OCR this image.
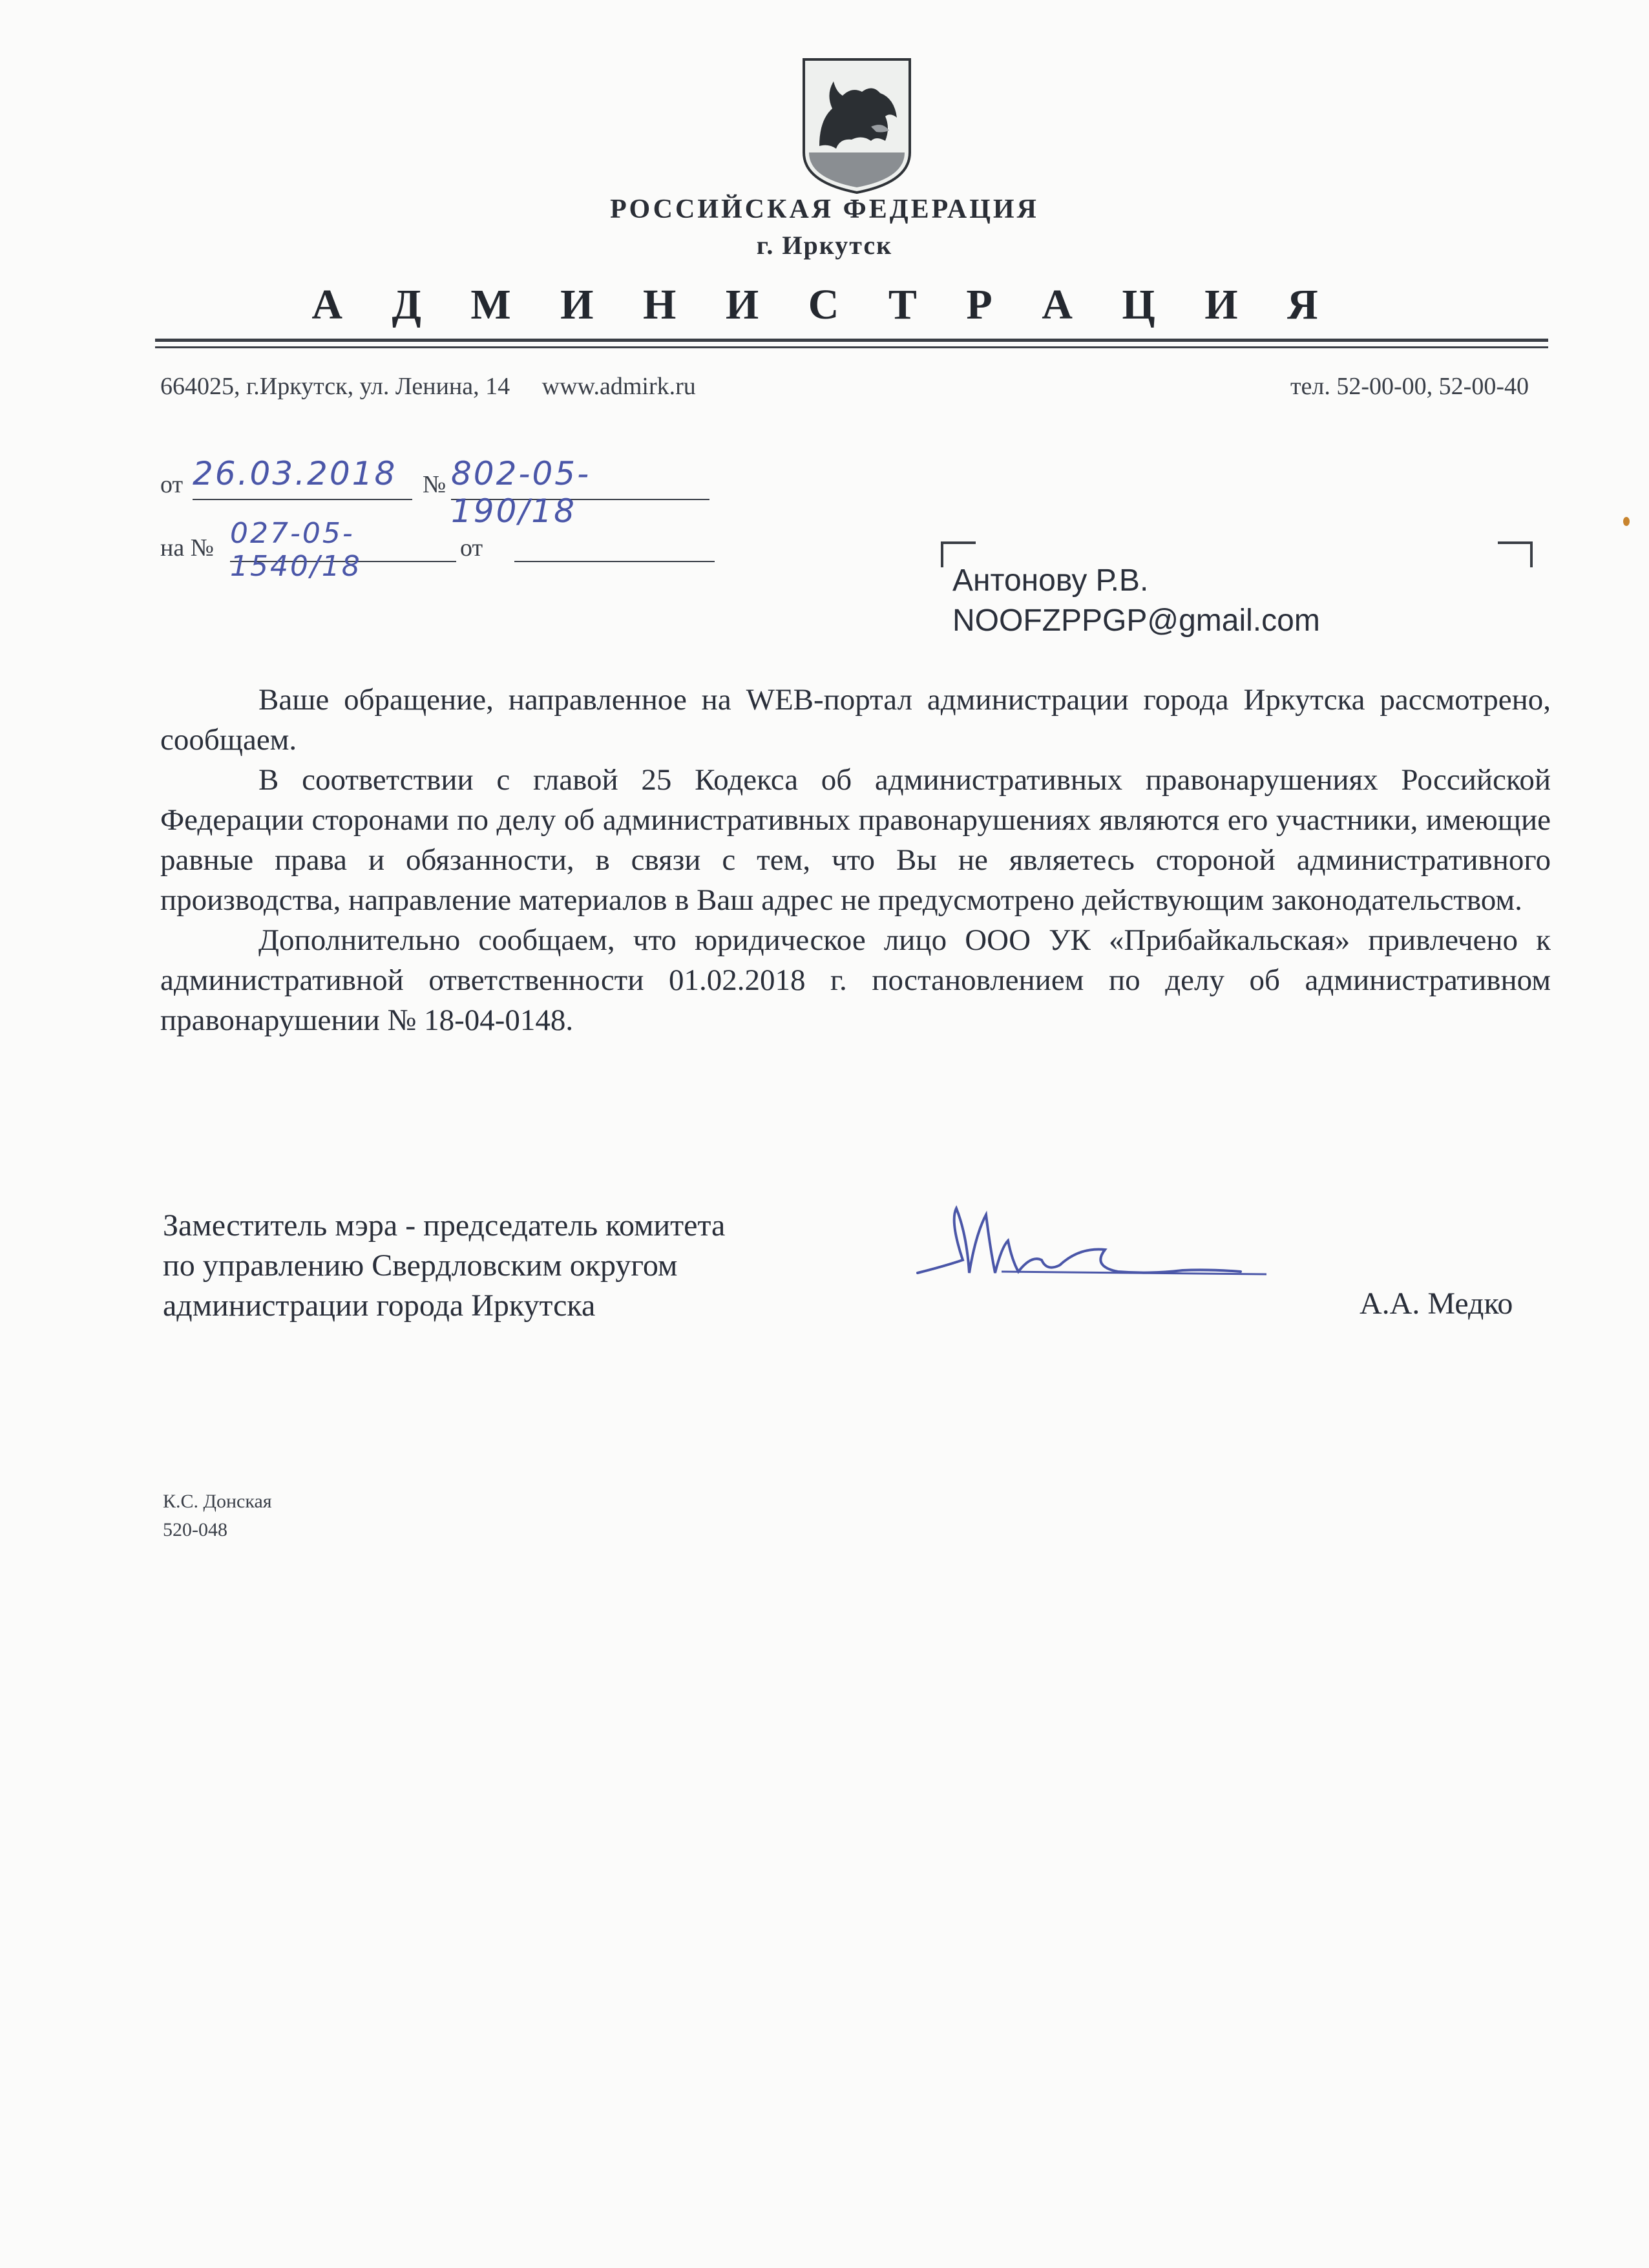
РОССИЙСКАЯ ФЕДЕРАЦИЯ
г. Иркутск
А Д М И Н И С Т Р А Ц И Я
664025, г.Иркутск, ул. Ленина, 14 www.admirk.ru	тел. 52-00-00, 52-00-40
от 26.03.2018	№ 802-05-190/18
на № 027-05-1540/18
от
Антонову Р.В.
NOOFZPPGP@gmail.com

Ваше обращение, направленное на WEB-портал администрации города Иркутска рассмотрено, сообщаем.

В соответствии с главой 25 Кодекса об административных правонарушениях Российской Федерации сторонами по делу об административных правонарушениях являются его участники, имеющие равные права и обязанности, в связи с тем, что Вы не являетесь стороной административного производства, направление материалов в Ваш адрес не предусмотрено действующим законодательством.

Дополнительно сообщаем, что юридическое лицо ООО УК «Прибайкальская» привлечено к административной ответственности 01.02.2018 г. постановлением по делу об административном правонарушении № 18-04-0148.

Заместитель мэра - председатель комитета
по управлению Свердловским округом
администрации города Иркутска	А.А. Медко
К.С. Донская
520-048
